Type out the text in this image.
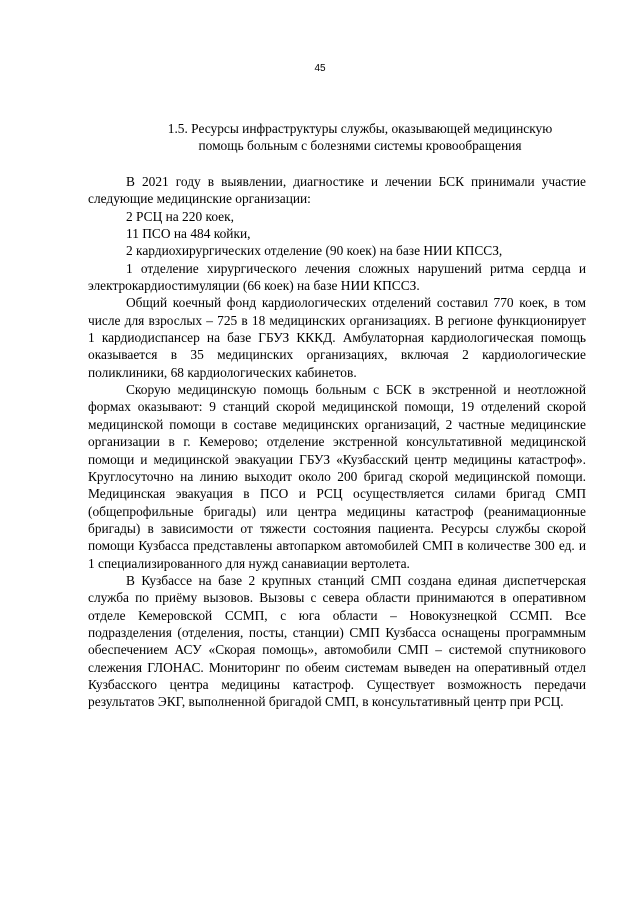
45
1.5. Ресурсы инфраструктуры службы, оказывающей медицинскую
помощь больным с болезнями системы кровообращения

В 2021 году в выявлении, диагностике и лечении БСК принимали участие следующие медицинские организации:

2 РСЦ на 220 коек,

11 ПСО на 484 койки,

2 кардиохирургических отделение (90 коек) на базе НИИ КПССЗ,

1 отделение хирургического лечения сложных нарушений ритма сердца и электрокардиостимуляции (66 коек) на базе НИИ КПССЗ.

Общий коечный фонд кардиологических отделений составил 770 коек, в том числе для взрослых – 725 в 18 медицинских организациях. В регионе функционирует 1 кардиодиспансер на базе ГБУЗ КККД. Амбулаторная кардиологическая помощь оказывается в 35 медицинских организациях, включая 2 кардиологические поликлиники, 68 кардиологических кабинетов.

Скорую медицинскую помощь больным с БСК в экстренной и неотложной формах оказывают: 9 станций скорой медицинской помощи, 19 отделений скорой медицинской помощи в составе медицинских организаций, 2 частные медицинские организации в г. Кемерово; отделение экстренной консультативной медицинской помощи и медицинской эвакуации ГБУЗ «Кузбасский центр медицины катастроф». Круглосуточно на линию выходит около 200 бригад скорой медицинской помощи. Медицинская эвакуация в ПСО и РСЦ осуществляется силами бригад СМП (общепрофильные бригады) или центра медицины катастроф (реанимационные бригады) в зависимости от тяжести состояния пациента. Ресурсы службы скорой помощи Кузбасса представлены автопарком автомобилей СМП в количестве 300 ед. и 1 специализированного для нужд санавиации вертолета.

В Кузбассе на базе 2 крупных станций СМП создана единая диспетчерская служба по приёму вызовов. Вызовы с севера области принимаются в оперативном отделе Кемеровской ССМП, с юга области – Новокузнецкой ССМП. Все подразделения (отделения, посты, станции) СМП Кузбасса оснащены программным обеспечением АСУ «Скорая помощь», автомобили СМП – системой спутникового слежения ГЛОНАС. Мониторинг по обеим системам выведен на оперативный отдел Кузбасского центра медицины катастроф. Существует возможность передачи результатов ЭКГ, выполненной бригадой СМП, в консультативный центр при РСЦ.
